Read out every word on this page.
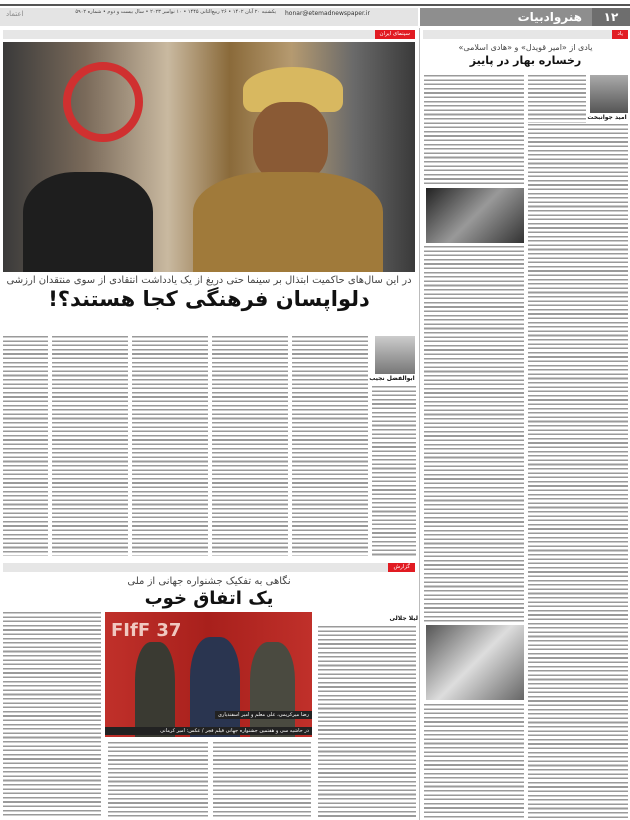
۱۲
هنروادبیات
honar@etemadnewspaper.ir
یکشنبه ۲۰ آبان ۱۴۰۲ • ۲۶ ربیع‌الثانی ۱۴۴۵ • ۱۰ نوامبر ۲۰۲۳ • سال بیست و دوم • شماره ۵۹۰۲
اعتماد
سینمای ایران
در این سال‌های حاکمیت ابتذال بر سینما حتی دریغ از یک یادداشت انتقادی از سوی منتقدان ارزشی
دلواپسان فرهنگی کجا هستند؟!
ابوالفضل نجیب
گزارش
نگاهی به تفکیک جشنواره جهانی از ملی
یک اتفاق خوب
لیلا جلالی
FIfF 37
رضا میرکریمی، علی معلم و امیر اسفندیاری
در حاشیه سی و هفتمین جشنواره جهانی فیلم فجر / عکس: امیر کرمانی
یاد
یادی از «امیر قویدل» و «هادی اسلامی»
رخساره بهار در پاییز
امید جوانبخت
